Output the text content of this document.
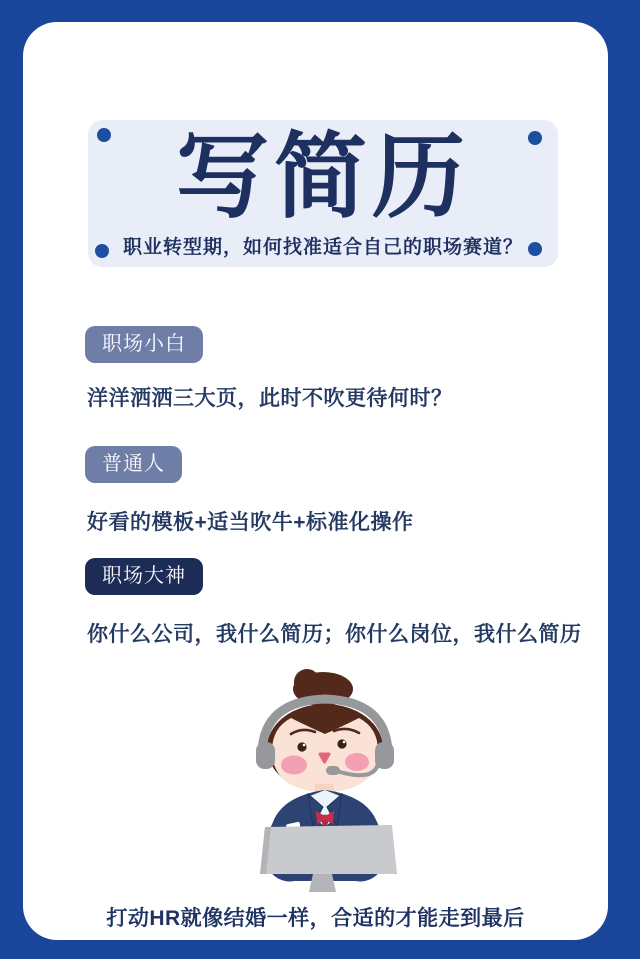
写简历
职业转型期，如何找准适合自己的职场赛道？
职场小白

洋洋洒洒三大页，此时不吹更待何时？

普通人

好看的模板+适当吹牛+标准化操作

职场大神

你什么公司，我什么简历；你什么岗位，我什么简历

打动HR就像结婚一样，合适的才能走到最后
